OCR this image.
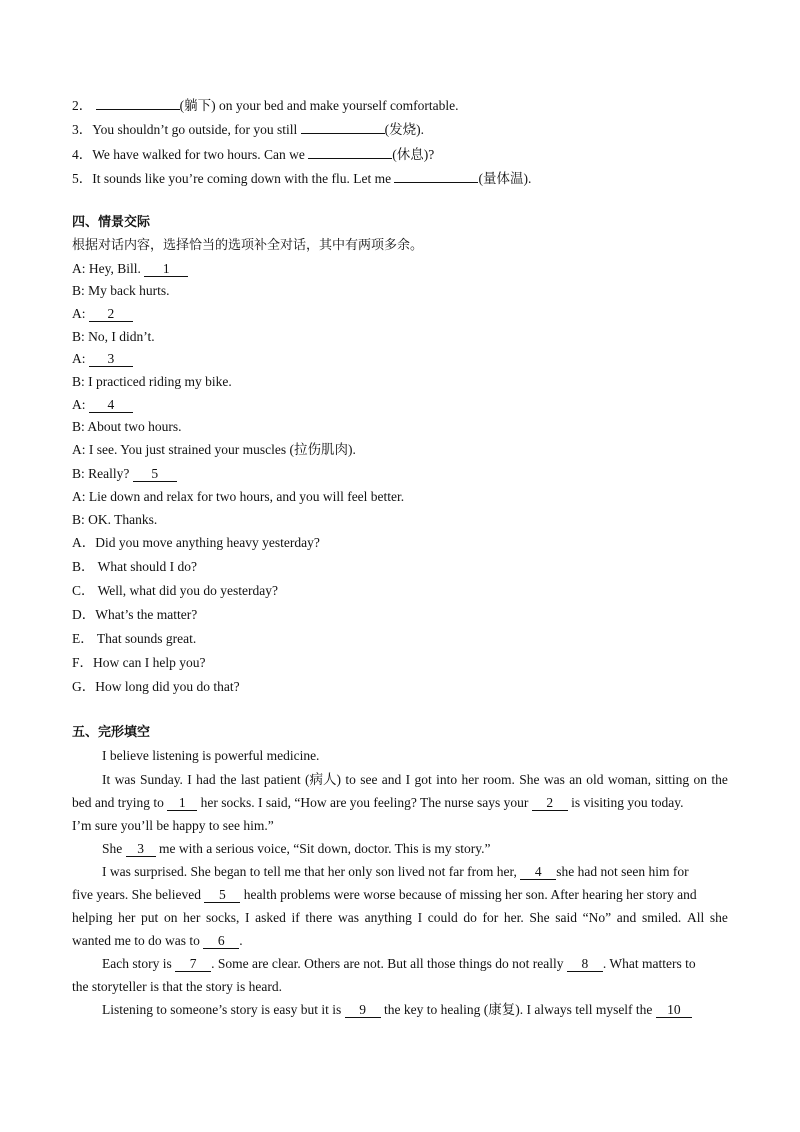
2．	(躺下) on your bed and make yourself comfortable.
3．You shouldn’t go outside, for you still	(发烧).
4．We have walked for two hours. Can we	(休息)?
5．It sounds like you’re coming down with the flu. Let me	(量体温).
四、情景交际
根据对话内容，选择恰当的选项补全对话，其中有两项多余。
A: Hey, Bill. 1
B: My back hurts.
A: 2
B: No, I didn’t.
A: 3
B: I practiced riding my bike.
A: 4
B: About two hours.
A: I see. You just strained your muscles (拉伤肌肉).
B: Really? 5
A: Lie down and relax for two hours, and you will feel better.
B: OK. Thanks.
A．Did you move anything heavy yesterday?
B． What should I do?
C． Well, what did you do yesterday?
D．What’s the matter?
E． That sounds great.
F．How can I help you?
G．How long did you do that?
五、完形填空
I believe listening is powerful medicine.
It was Sunday. I had the last patient (病人) to see and I got into her room. She was an old woman, sitting on the
bed and trying to 1 her socks. I said, “How are you feeling? The nurse says your 2 is visiting you today.
I’m sure you’ll be happy to see him.”
She 3 me with a serious voice, “Sit down, doctor. This is my story.”
I was surprised. She began to tell me that her only son lived not far from her, 4 she had not seen him for
five years. She believed 5 health problems were worse because of missing her son. After hearing her story and
helping her put on her socks, I asked if there was anything I could do for her. She said “No” and smiled. All she
wanted me to do was to 6 .
Each story is 7 . Some are clear. Others are not. But all those things do not really 8 . What matters to
the storyteller is that the story is heard.
Listening to someone’s story is easy but it is 9 the key to healing (康复). I always tell myself the 10
